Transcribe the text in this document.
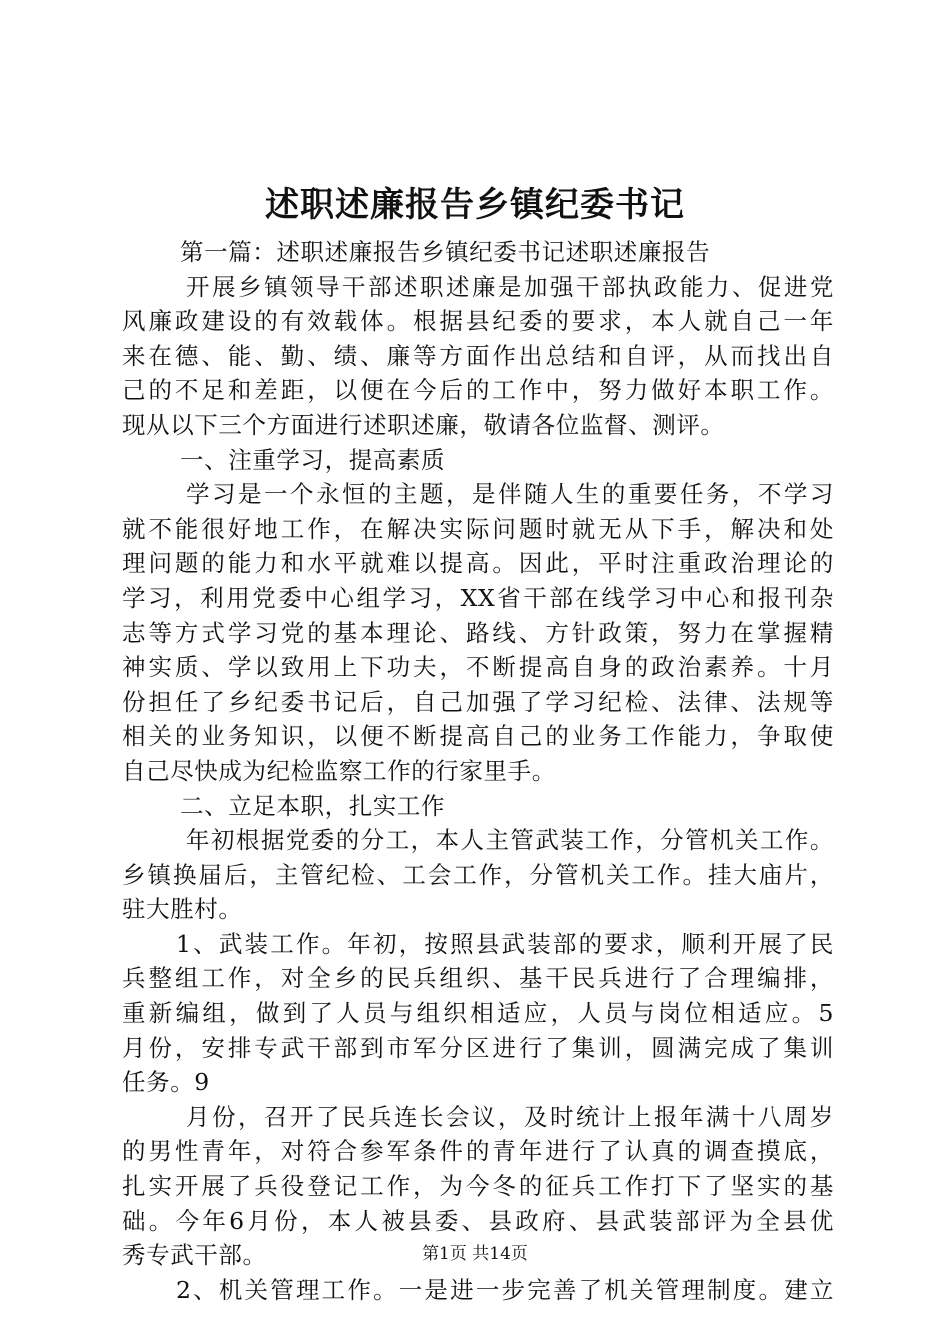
述职述廉报告乡镇纪委书记
第一篇：述职述廉报告乡镇纪委书记述职述廉报告
开展乡镇领导干部述职述廉是加强干部执政能力、促进党
风廉政建设的有效载体。根据县纪委的要求，本人就自己一年
来在德、能、勤、绩、廉等方面作出总结和自评，从而找出自
己的不足和差距，以便在今后的工作中，努力做好本职工作。
现从以下三个方面进行述职述廉，敬请各位监督、测评。
一、注重学习，提高素质
学习是一个永恒的主题，是伴随人生的重要任务，不学习
就不能很好地工作，在解决实际问题时就无从下手，解决和处
理问题的能力和水平就难以提高。因此，平时注重政治理论的
学习，利用党委中心组学习，XX省干部在线学习中心和报刊杂
志等方式学习党的基本理论、路线、方针政策，努力在掌握精
神实质、学以致用上下功夫，不断提高自身的政治素养。十月
份担任了乡纪委书记后，自己加强了学习纪检、法律、法规等
相关的业务知识，以便不断提高自己的业务工作能力，争取使
自己尽快成为纪检监察工作的行家里手。
二、立足本职，扎实工作
年初根据党委的分工，本人主管武装工作，分管机关工作。
乡镇换届后，主管纪检、工会工作，分管机关工作。挂大庙片，
驻大胜村。
1、武装工作。年初，按照县武装部的要求，顺利开展了民
兵整组工作，对全乡的民兵组织、基干民兵进行了合理编排，
重新编组，做到了人员与组织相适应，人员与岗位相适应。5
月份，安排专武干部到市军分区进行了集训，圆满完成了集训
任务。9
月份，召开了民兵连长会议，及时统计上报年满十八周岁
的男性青年，对符合参军条件的青年进行了认真的调查摸底，
扎实开展了兵役登记工作，为今冬的征兵工作打下了坚实的基
础。今年6月份，本人被县委、县政府、县武装部评为全县优
秀专武干部。
2、机关管理工作。一是进一步完善了机关管理制度。建立
第1页 共14页
